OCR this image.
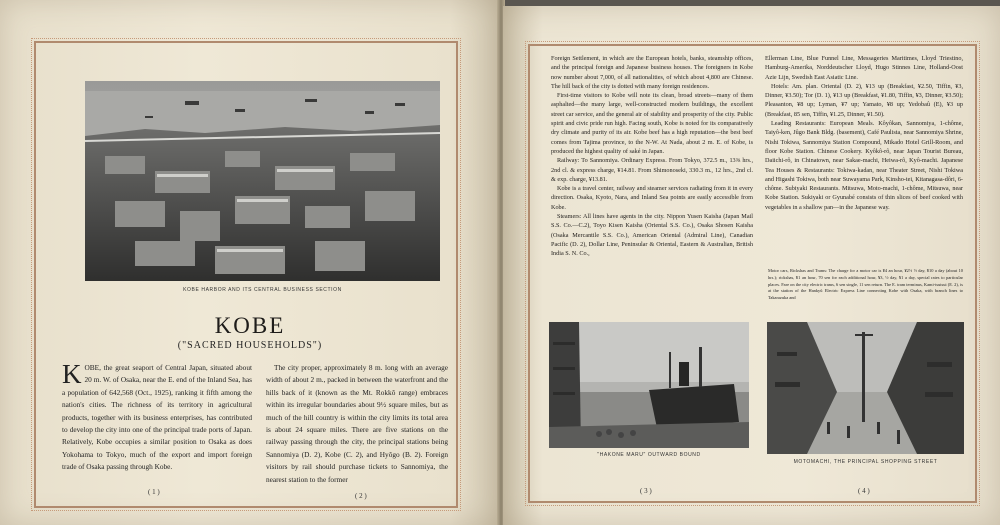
KOBE HARBOR AND ITS CENTRAL BUSINESS SECTION
KOBE
("SACRED HOUSEHOLDS")

KOBE, the great seaport of Central Japan, situated about 20 m. W. of Osaka, near the E. end of the Inland Sea, has a population of 642,568 (Oct., 1925), ranking it fifth among the nation's cities. The richness of its territory in agricultural products, together with its business enterprises, has contributed to develop the city into one of the principal trade ports of Japan. Relatively, Kobe occupies a similar position to Osaka as does Yokohama to Tokyo, much of the export and import foreign trade of Osaka passing through Kobe.

The city proper, approximately 8 m. long with an average width of about 2 m., packed in between the waterfront and the hills back of it (known as the Mt. Rokkô range) embraces within its irregular boundaries about 9½ square miles, but as much of the hill country is within the city limits its total area is about 24 square miles. There are five stations on the railway passing through the city, the principal stations being Sannomiya (D. 2), Kobe (C. 2), and Hyôgo (B. 2). Foreign visitors by rail should purchase tickets to Sannomiya, the nearest station to the former

( 1 )	( 2 )

Foreign Settlement, in which are the European hotels, banks, steamship offices, and the principal foreign and Japanese business houses. The foreigners in Kobe now number about 7,000, of all nationalities, of which about 4,800 are Chinese. The hill back of the city is dotted with many foreign residences.

First-time visitors to Kobe will note its clean, broad streets—many of them asphalted—the many large, well-constructed modern buildings, the excellent street car service, and the general air of stability and prosperity of the city. Public spirit and civic pride run high. Facing south, Kobe is noted for its comparatively dry climate and purity of its air. Kobe beef has a high reputation—the best beef comes from Tajima province, to the N-W. At Nada, about 2 m. E. of Kobe, is produced the highest quality of saké in Japan.

Railway: To Sannomiya. Ordinary Express. From Tokyo, 372.5 m., 13⅜ hrs., 2nd cl. & express charge, ¥14.81. From Shimonoseki, 330.3 m., 12 hrs., 2nd cl. & exp. charge, ¥13.81.

Kobe is a travel center, railway and steamer services radiating from it in every direction. Osaka, Kyoto, Nara, and Inland Sea points are easily accessible from Kobe.

Steamers: All lines have agents in the city. Nippon Yusen Kaisha (Japan Mail S.S. Co.—C.2), Toyo Kisen Kaisha (Oriental S.S. Co.), Osaka Shosen Kaisha (Osaka Mercantile S.S. Co.), American Oriental (Admiral Line), Canadian Pacific (D. 2), Dollar Line, Peninsular & Oriental, Eastern & Australian, British India S. N. Co.,

Ellerman Line, Blue Funnel Line, Messageries Maritimes, Lloyd Triestino, Hamburg-Amerika, Norddeutscher Lloyd, Hugo Stinnes Line, Holland-Oost Azie Lijn, Swedish East Asiatic Line.

Hotels: Am. plan. Oriental (D. 2), ¥13 up (Breakfast, ¥2.50, Tiffin, ¥3, Dinner, ¥3.50); Tor (D. 1), ¥13 up (Breakfast, ¥1.80, Tiffin, ¥3, Dinner, ¥3.50); Pleasanton, ¥8 up; Lyman, ¥7 up; Yamato, ¥8 up; Yedobaû (E), ¥3 up (Breakfast, 85 sen, Tiffin, ¥1.25, Dinner, ¥1.50).

Leading Restaurants: European Meals. Kôyôkan, Sannomiya, 1-chôme, Taiyô-ken, Jûgo Bank Bldg. (basement), Café Paulista, near Sannomiya Shrine, Nishi Tokiwa, Sannomiya Station Compound, Mikado Hotel Grill-Room, and floor Kobe Station. Chinese Cookery. Kyôkô-rô, near Japan Tourist Bureau, Daiichi-rô, in Chinatown, near Sakae-machi, Heiwa-rô, Kyô-machi. Japanese Tea Houses & Restaurants: Tokiwa-kadan, near Theater Street, Nishi Tokiwa and Higashi Tokiwa, both near Suwayama Park, Kinsho-tei, Kitanagasa-dôri, 6-chôme. Subiyaki Restaurants. Mitsuwa, Moto-machi, 1-chôme, Mitsuwa, near Kobe Station. Sukiyaki or Gyunabé consists of thin slices of beef cooked with vegetables in a shallow pan—in the Japanese way.

Motor cars, Rickshas and Trams: The charge for a motor car is ¥4 an hour, ¥2½ ½ day, ¥10 a day (about 10 hrs.); rickshas, ¥1 an hour, 70 sen for each additional hour, ¥3, ½ day, ¥1 a day, special rates to particular places. Fare on the city electric trams, 6 sen single, 11 sen return. The E. tram terminus, Kami-tsutsui (E. 2), is at the station of the Hankyû Electric Express Line connecting Kobe with Osaka, with branch lines to Takarazuka and
"HAKONE MARU" OUTWARD BOUND
MOTOMACHI, THE PRINCIPAL SHOPPING STREET
( 3 )	( 4 )
